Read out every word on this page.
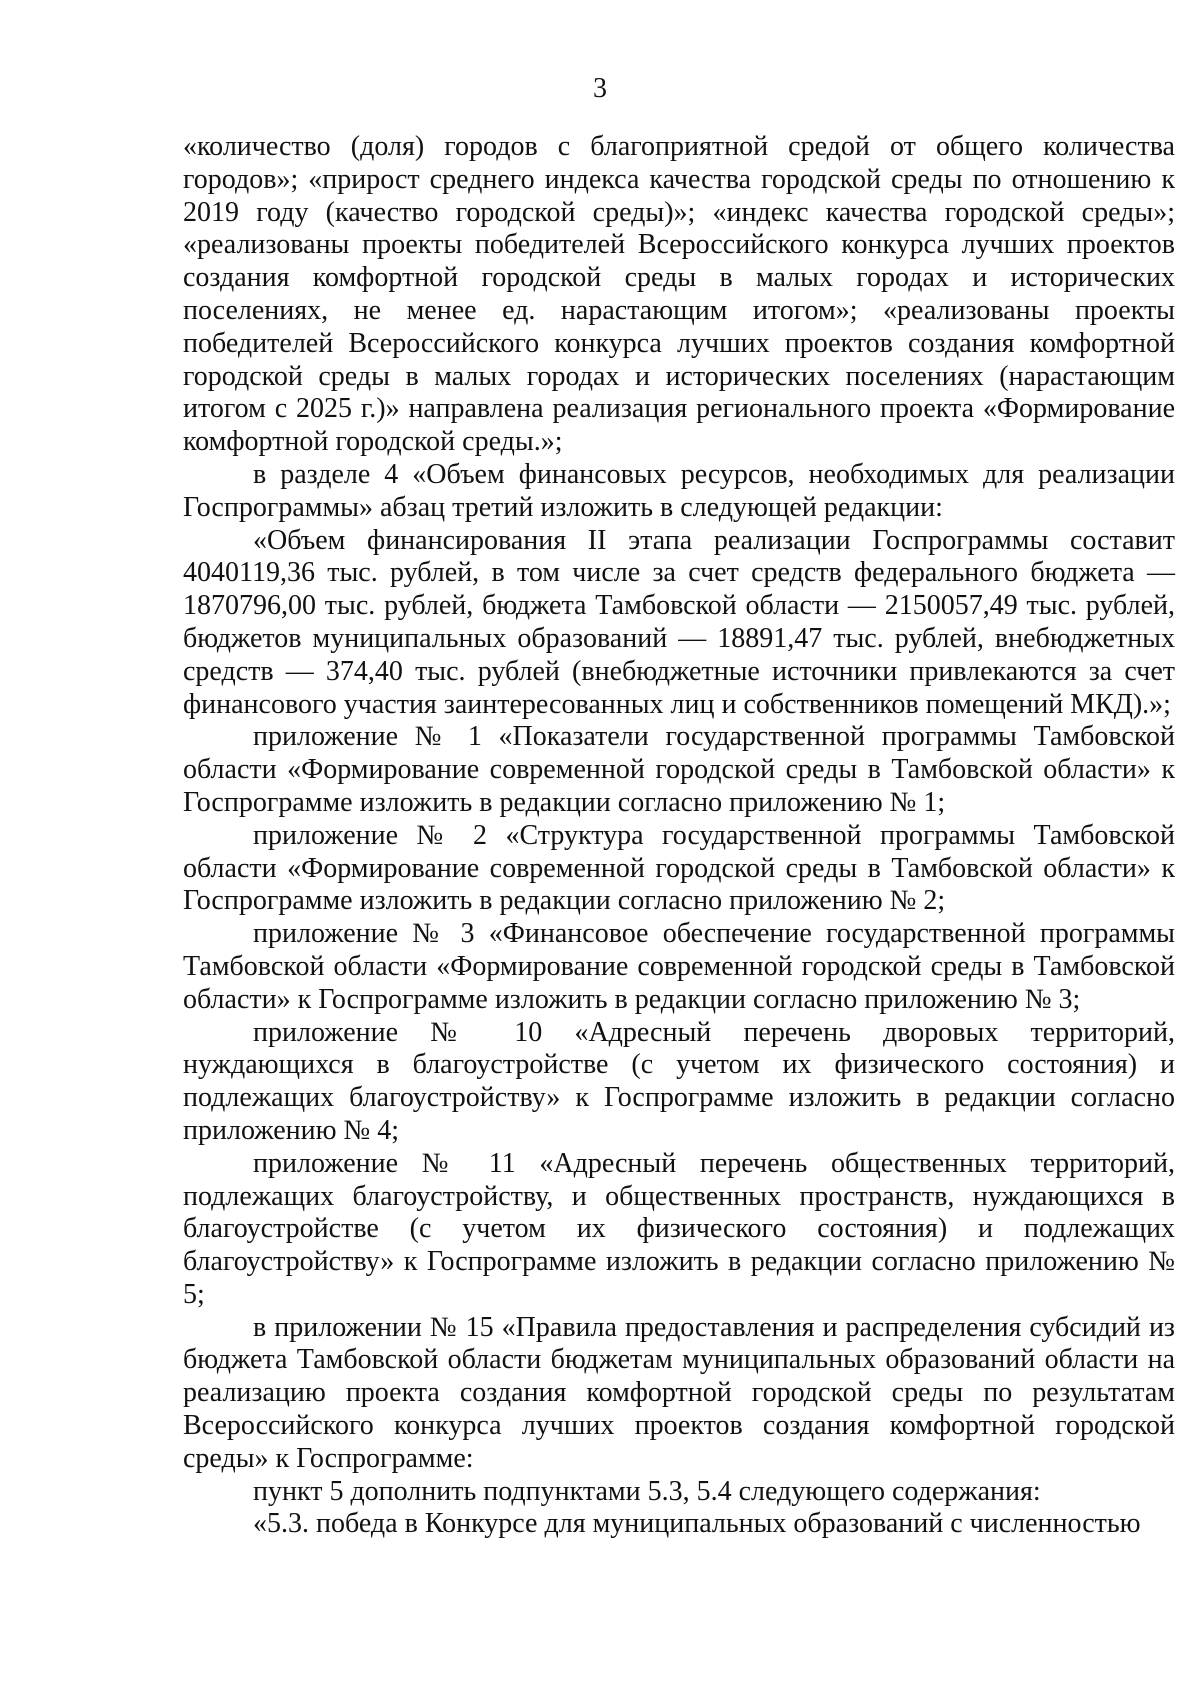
3

«количество (доля) городов с благоприятной средой от общего количества городов»; «прирост среднего индекса качества городской среды по отношению к 2019 году (качество городской среды)»; «индекс качества городской среды»; «реализованы проекты победителей Всероссийского конкурса лучших проектов создания комфортной городской среды в малых городах и исторических поселениях, не менее ед. нарастающим итогом»; «реализованы проекты победителей Всероссийского конкурса лучших проектов создания комфортной городской среды в малых городах и исторических поселениях (нарастающим итогом с 2025 г.)» направлена реализация регионального проекта «Формирование комфортной городской среды.»;

в разделе 4 «Объем финансовых ресурсов, необходимых для реализации Госпрограммы» абзац третий изложить в следующей редакции:

«Объем финансирования II этапа реализации Госпрограммы составит 4040119,36 тыс. рублей, в том числе за счет средств федерального бюджета — 1870796,00 тыс. рублей, бюджета Тамбовской области — 2150057,49 тыс. рублей, бюджетов муниципальных образований — 18891,47 тыс. рублей, внебюджетных средств — 374,40 тыс. рублей (внебюджетные источники привлекаются за счет финансового участия заинтересованных лиц и собственников помещений МКД).»;

приложение № 1 «Показатели государственной программы Тамбовской области «Формирование современной городской среды в Тамбовской области» к Госпрограмме изложить в редакции согласно приложению № 1;

приложение № 2 «Структура государственной программы Тамбовской области «Формирование современной городской среды в Тамбовской области» к Госпрограмме изложить в редакции согласно приложению № 2;

приложение № 3 «Финансовое обеспечение государственной программы Тамбовской области «Формирование современной городской среды в Тамбовской области» к Госпрограмме изложить в редакции согласно приложению № 3;

приложение № 10 «Адресный перечень дворовых территорий, нуждающихся в благоустройстве (с учетом их физического состояния) и подлежащих благоустройству» к Госпрограмме изложить в редакции согласно приложению № 4;

приложение № 11 «Адресный перечень общественных территорий, подлежащих благоустройству, и общественных пространств, нуждающихся в благоустройстве (с учетом их физического состояния) и подлежащих благоустройству» к Госпрограмме изложить в редакции согласно приложению № 5;

в приложении № 15 «Правила предоставления и распределения субсидий из бюджета Тамбовской области бюджетам муниципальных образований области на реализацию проекта создания комфортной городской среды по результатам Всероссийского конкурса лучших проектов создания комфортной городской среды» к Госпрограмме:

пункт 5 дополнить подпунктами 5.3, 5.4 следующего содержания:

«5.3. победа в Конкурсе для муниципальных образований с численностью
